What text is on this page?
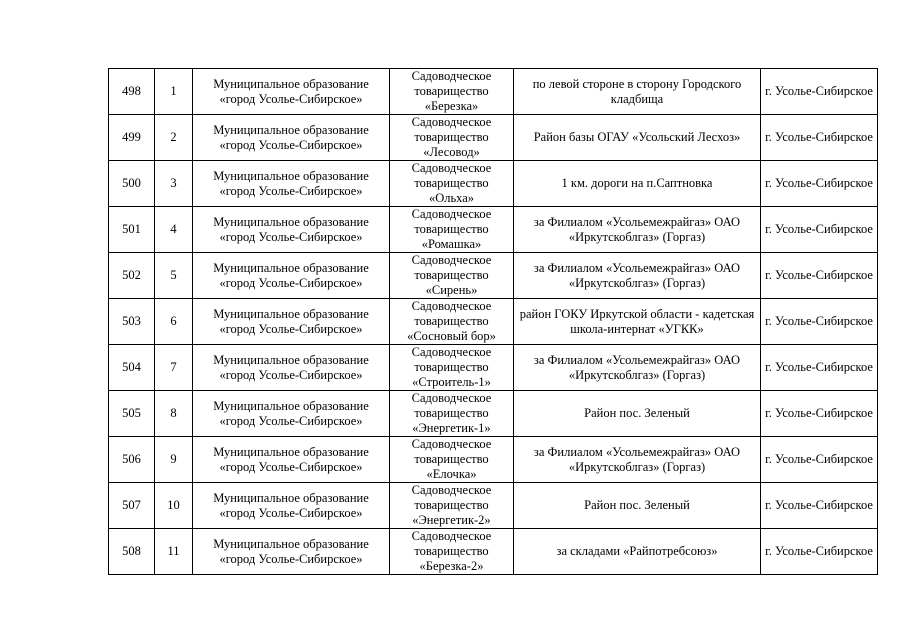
498	1	Муниципальное образование «город Усолье-Сибирское»	Садоводческое товарищество «Березка»	по левой стороне в сторону Городского кладбища	г. Усолье-Сибирское
499	2	Муниципальное образование «город Усолье-Сибирское»	Садоводческое товарищество «Лесовод»	Район базы ОГАУ «Усольский Лесхоз»	г. Усолье-Сибирское
500	3	Муниципальное образование «город Усолье-Сибирское»	Садоводческое товарищество «Ольха»	1 км. дороги на п.Саптновка	г. Усолье-Сибирское
501	4	Муниципальное образование «город Усолье-Сибирское»	Садоводческое товарищество «Ромашка»	за Филиалом «Усольемежрайгаз» ОАО «Иркутскоблгаз» (Горгаз)	г. Усолье-Сибирское
502	5	Муниципальное образование «город Усолье-Сибирское»	Садоводческое товарищество «Сирень»	за Филиалом «Усольемежрайгаз» ОАО «Иркутскоблгаз» (Горгаз)	г. Усолье-Сибирское
503	6	Муниципальное образование «город Усолье-Сибирское»	Садоводческое товарищество «Сосновый бор»	район ГОКУ Иркутской области - кадетская школа-интернат «УГКК»	г. Усолье-Сибирское
504	7	Муниципальное образование «город Усолье-Сибирское»	Садоводческое товарищество «Строитель-1»	за Филиалом «Усольемежрайгаз» ОАО «Иркутскоблгаз» (Горгаз)	г. Усолье-Сибирское
505	8	Муниципальное образование «город Усолье-Сибирское»	Садоводческое товарищество «Энергетик-1»	Район пос. Зеленый	г. Усолье-Сибирское
506	9	Муниципальное образование «город Усолье-Сибирское»	Садоводческое товарищество «Елочка»	за Филиалом «Усольемежрайгаз» ОАО «Иркутскоблгаз» (Горгаз)	г. Усолье-Сибирское
507	10	Муниципальное образование «город Усолье-Сибирское»	Садоводческое товарищество «Энергетик-2»	Район пос. Зеленый	г. Усолье-Сибирское
508	11	Муниципальное образование «город Усолье-Сибирское»	Садоводческое товарищество «Березка-2»	за складами «Райпотребсоюз»	г. Усолье-Сибирское
